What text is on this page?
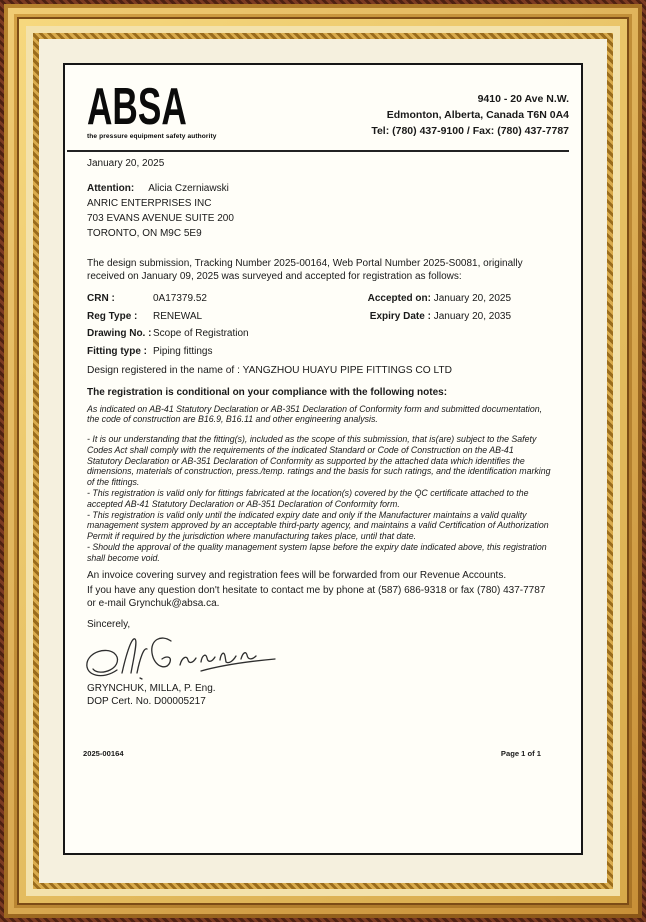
ABSA
the pressure equipment safety authority
9410 - 20 Ave N.W.
Edmonton, Alberta, Canada T6N 0A4
Tel: (780) 437-9100 / Fax: (780) 437-7787
January 20, 2025
Attention: Alicia Czerniawski
ANRIC ENTERPRISES INC
703 EVANS AVENUE SUITE 200
TORONTO, ON M9C 5E9
The design submission, Tracking Number 2025-00164, Web Portal Number 2025-S0081, originally received on January 09, 2025 was surveyed and accepted for registration as follows:
CRN :	0A17379.52	Accepted on: January 20, 2025
Reg Type :	RENEWAL	Expiry Date : January 20, 2035
Drawing No. : Scope of Registration
Fitting type : Piping fittings
Design registered in the name of : YANGZHOU HUAYU PIPE FITTINGS CO LTD
The registration is conditional on your compliance with the following notes:
As indicated on AB-41 Statutory Declaration or AB-351 Declaration of Conformity form and submitted documentation, the code of construction are B16.9, B16.11 and other engineering analysis.
- It is our understanding that the fitting(s), included as the scope of this submission, that is(are) subject to the Safety Codes Act shall comply with the requirements of the indicated Standard or Code of Construction on the AB-41 Statutory Declaration or AB-351 Declaration of Conformity as supported by the attached data which identifies the dimensions, materials of construction, press./temp. ratings and the basis for such ratings, and the identification marking of the fittings.
- This registration is valid only for fittings fabricated at the location(s) covered by the QC certificate attached to the accepted AB-41 Statutory Declaration or AB-351 Declaration of Conformity form.
- This registration is valid only until the indicated expiry date and only if the Manufacturer maintains a valid quality management system approved by an acceptable third-party agency, and maintains a valid Certification of Authorization Permit if required by the jurisdiction where manufacturing takes place, until that date.
- Should the approval of the quality management system lapse before the expiry date indicated above, this registration shall become void.
An invoice covering survey and registration fees will be forwarded from our Revenue Accounts.
If you have any question don't hesitate to contact me by phone at (587) 686-9318 or fax (780) 437-7787 or e-mail Grynchuk@absa.ca.
Sincerely,
GRYNCHUK, MILLA, P. Eng.
DOP Cert. No. D00005217
2025-00164	Page 1 of 1
